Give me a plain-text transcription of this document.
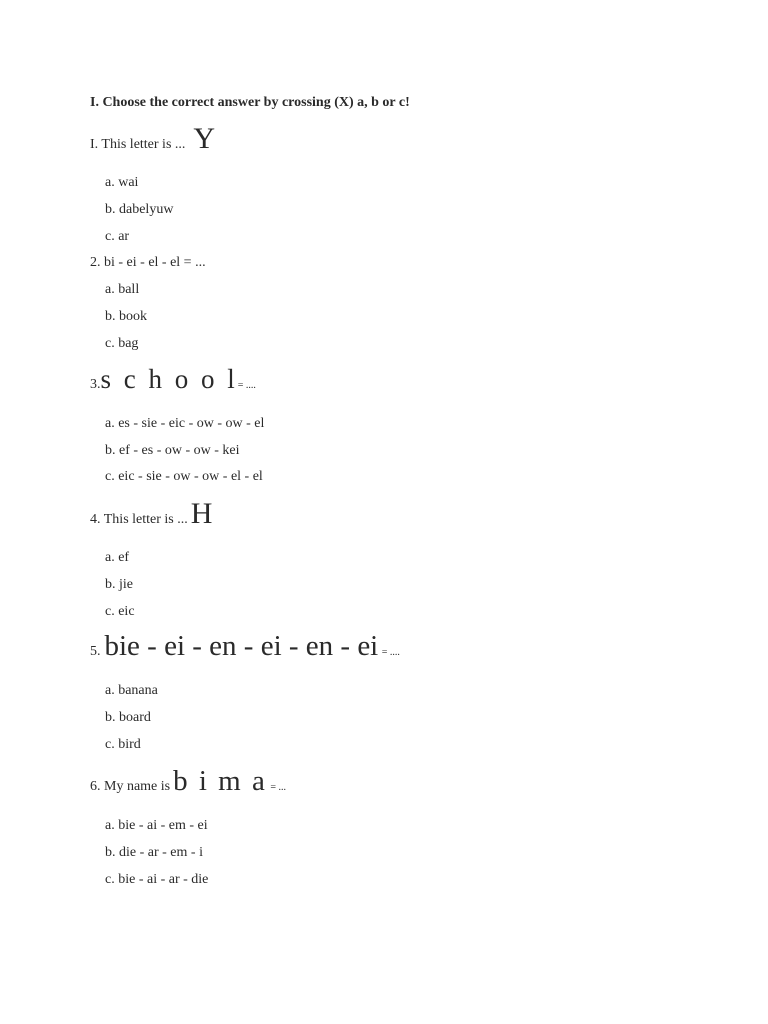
I. Choose the correct answer by crossing (X) a, b or c!
I. This letter is ... Y
a. wai
b. dabelyuw
c. ar
2. bi - ei - el - el = ...
a. ball
b. book
c. bag
3.s c h o o l= ....
a. es - sie - eic - ow - ow - el
b. ef - es - ow - ow - kei
c. eic - sie - ow - ow - el - el
4. This letter is ... H
a. ef
b. jie
c. eic
5. bie - ei - en - ei - en - ei = ....
a. banana
b. board
c. bird
6. My name is b i m a = ...
a. bie - ai - em - ei
b. die - ar - em - i
c. bie - ai - ar - die
